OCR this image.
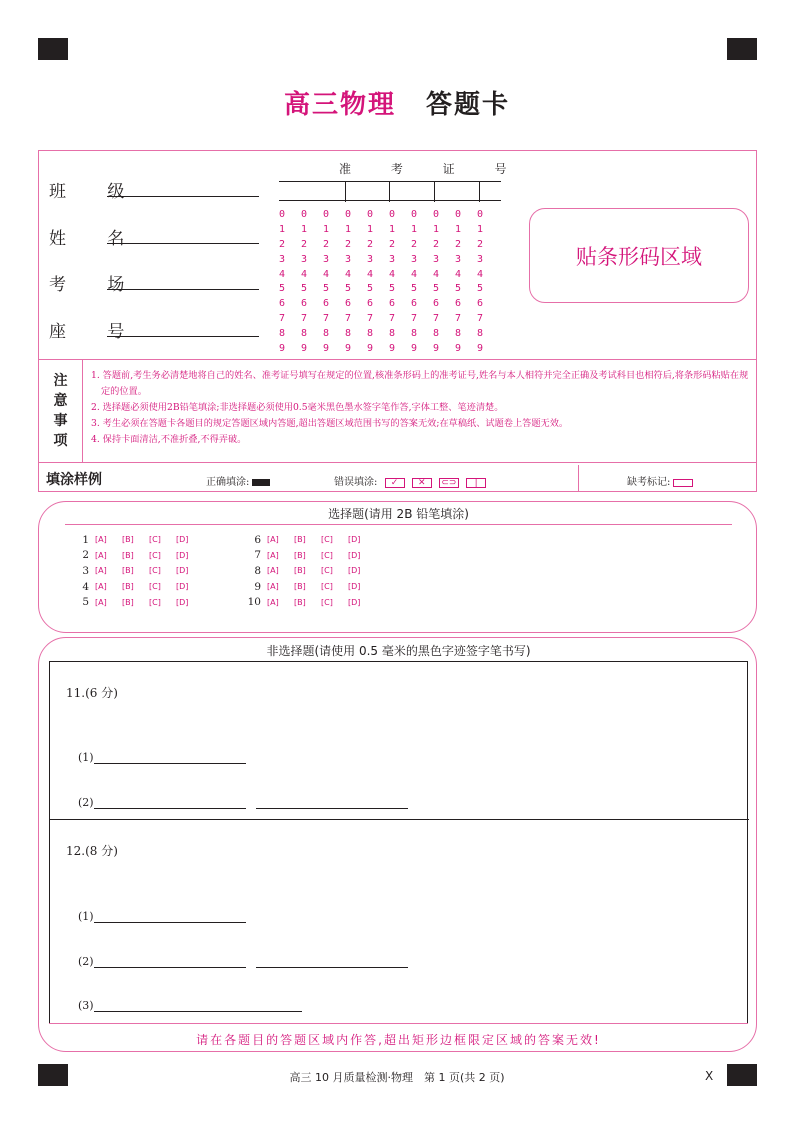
高三物理 答题卡
班 级
姓 名
考 场
座 号
准 考 证 号
0	0	0	0	0	0	0	0	0	0
1	1	1	1	1	1	1	1	1	1
2	2	2	2	2	2	2	2	2	2
3	3	3	3	3	3	3	3	3	3
4	4	4	4	4	4	4	4	4	4
5	5	5	5	5	5	5	5	5	5
6	6	6	6	6	6	6	6	6	6
7	7	7	7	7	7	7	7	7	7
8	8	8	8	8	8	8	8	8	8
9	9	9	9	9	9	9	9	9	9
贴条形码区域
注
意
事
项
1. 答题前,考生务必清楚地将自己的姓名、准考证号填写在规定的位置,核准条形码上的准考证号,姓名与本人相符并完全正确及考试科目也相符后,将条形码粘贴在规定的位置。
2. 选择题必须使用2B铅笔填涂;非选择题必须使用0.5毫米黑色墨水签字笔作答,字体工整、笔迹清楚。
3. 考生必须在答题卡各题目的规定答题区域内答题,超出答题区域范围书写的答案无效;在草稿纸、试题卷上答题无效。
4. 保持卡面清洁,不准折叠,不得弄破。
填涂样例	正确填涂:	错误填涂: ✓ ✕ ⊂⊃ |	缺考标记:
选择题(请用 2B 铅笔填涂)
1 [A]	[B]	[C]	[D]
2 [A]	[B]	[C]	[D]
3 [A]	[B]	[C]	[D]
4 [A]	[B]	[C]	[D]
5 [A]	[B]	[C]	[D]
6 [A]	[B]	[C]	[D]
7 [A]	[B]	[C]	[D]
8 [A]	[B]	[C]	[D]
9 [A]	[B]	[C]	[D]
10 [A]	[B]	[C]	[D]
非选择题(请使用 0.5 毫米的黑色字迹签字笔书写)
11.(6 分)
(1)
(2)
12.(8 分)
(1)
(2)
(3)
请在各题目的答题区域内作答,超出矩形边框限定区域的答案无效!
高三 10 月质量检测·物理　第 1 页(共 2 页)	X
